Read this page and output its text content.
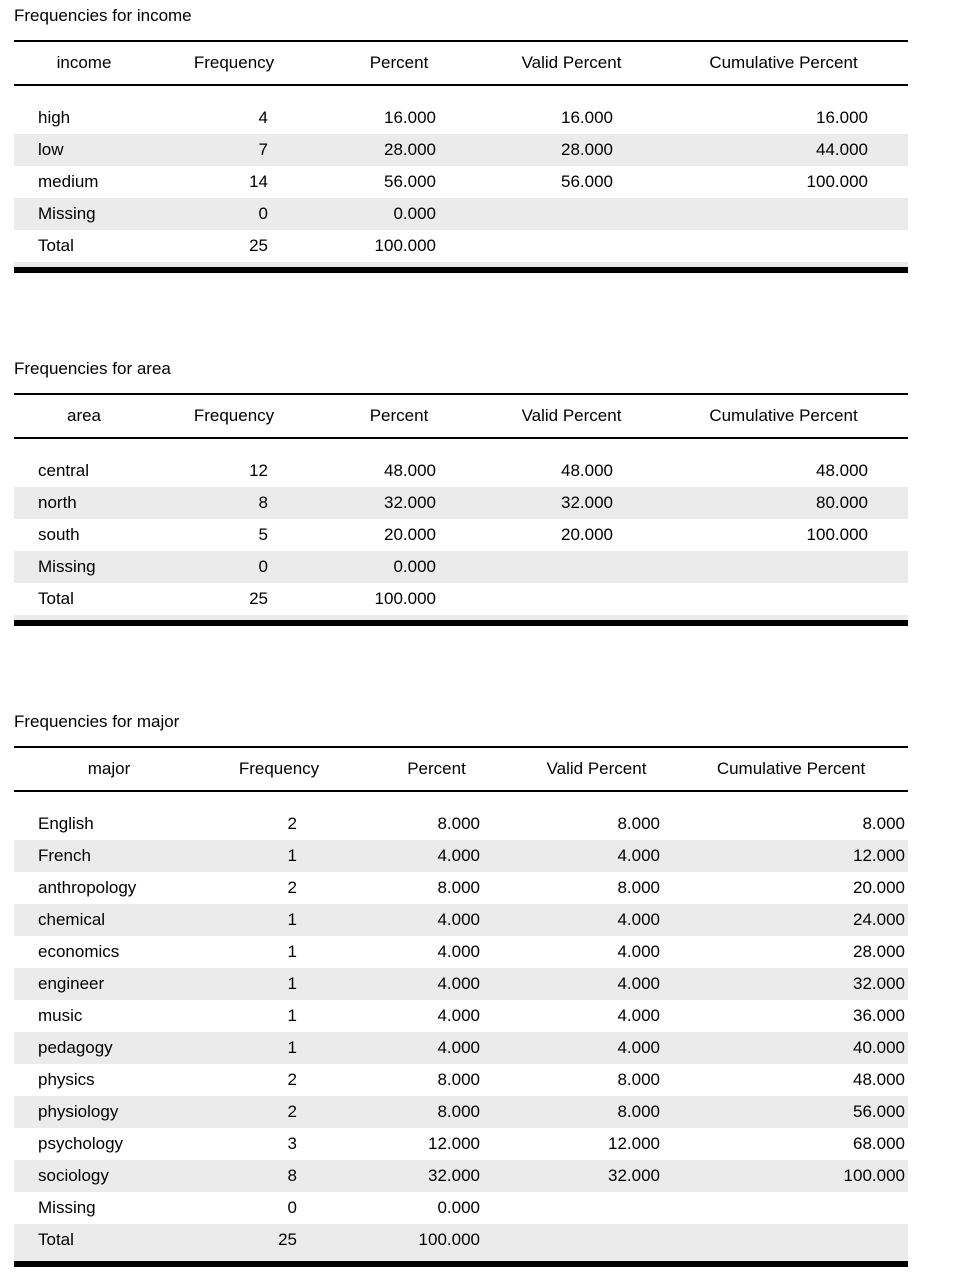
Frequencies for income

income	Frequency	Percent	Valid Percent	Cumulative Percent

high	4	16.000	16.000	16.000
low	7	28.000	28.000	44.000
medium	14	56.000	56.000	100.000
Missing	0	0.000		
Total	25	100.000		

Frequencies for area

area	Frequency	Percent	Valid Percent	Cumulative Percent

central	12	48.000	48.000	48.000
north	8	32.000	32.000	80.000
south	5	20.000	20.000	100.000
Missing	0	0.000		
Total	25	100.000		

Frequencies for major

major	Frequency	Percent	Valid Percent	Cumulative Percent

English	2	8.000	8.000	8.000
French	1	4.000	4.000	12.000
anthropology	2	8.000	8.000	20.000
chemical	1	4.000	4.000	24.000
economics	1	4.000	4.000	28.000
engineer	1	4.000	4.000	32.000
music	1	4.000	4.000	36.000
pedagogy	1	4.000	4.000	40.000
physics	2	8.000	8.000	48.000
physiology	2	8.000	8.000	56.000
psychology	3	12.000	12.000	68.000
sociology	8	32.000	32.000	100.000
Missing	0	0.000		
Total	25	100.000		
